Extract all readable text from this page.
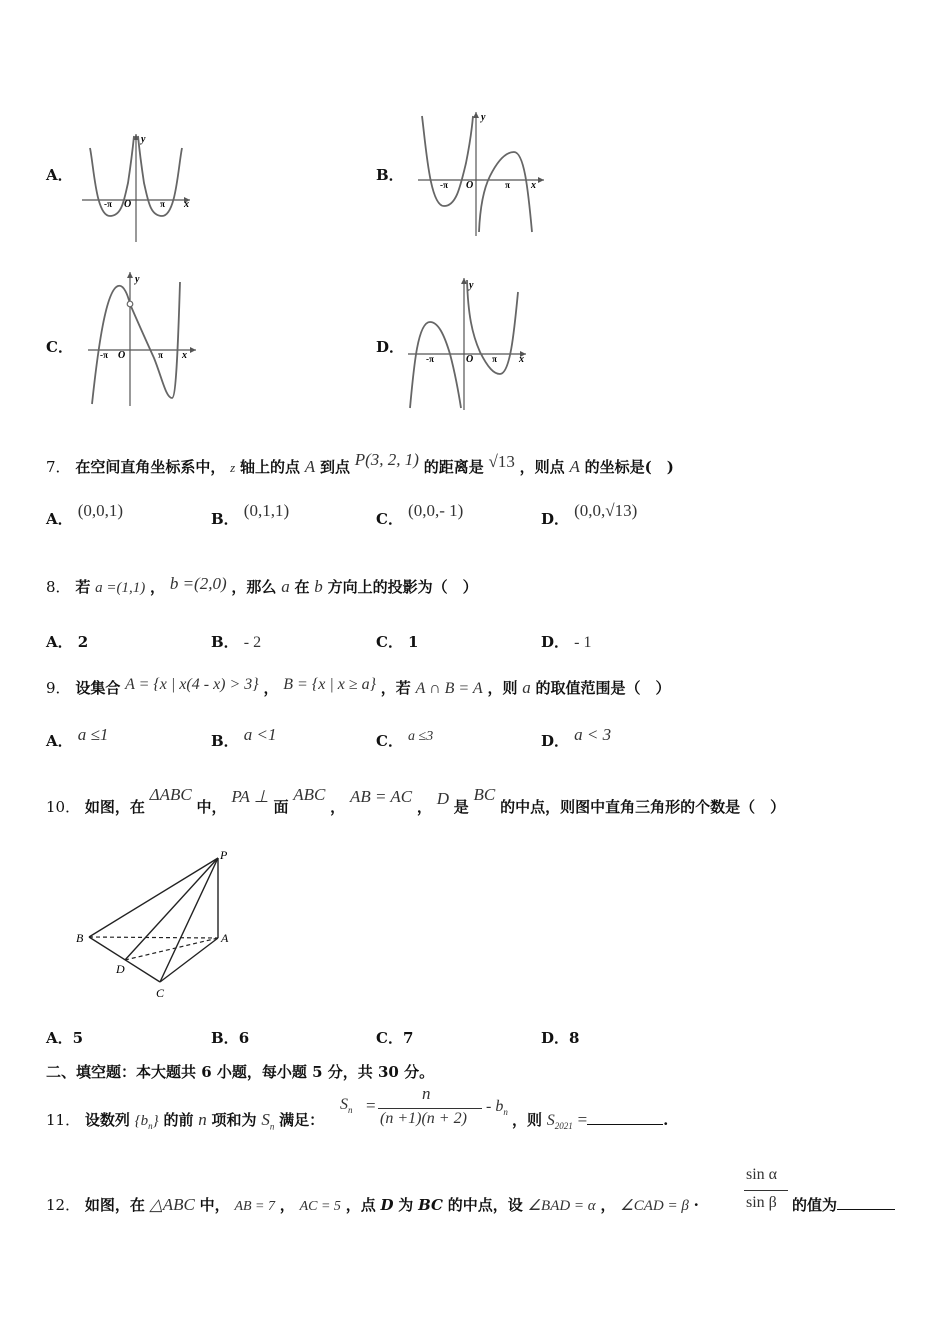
A．
y
O	x
-π	π
B．
y
O	x
-π	π
C．
y
O	x
-π	π	D．
y
O	x
-π	π
7． 在空间直角坐标系中， z 轴上的点 A 到点 P(3, 2, 1) 的距离是 √13 ，则点 A 的坐标是(　)
A． (0,0,1)	B． (0,1,1)	C． (0,0,- 1)	D． (0,0,√13)
8． 若 a =(1,1) ， b =(2,0) ，那么 a 在 b 方向上的投影为（　）
A． 2	B． - 2	C． 1	D． - 1
9． 设集合 A = {x | x(4 - x) > 3} ， B = {x | x ≥ a} ，若 A ∩ B = A ，则 a 的取值范围是（　）
A． a ≤1	B． a <1	C． a ≤3	D． a < 3
10． 如图，在 ΔABC 中， PA ⊥ 面 ABC ， AB = AC ， D 是 BC 的中点，则图中直角三角形的个数是（　）
P
B	A
D
C
A．5	B．6	C．7	D．8
二、填空题：本大题共 6 小题，每小题 5 分，共 30 分。
11． 设数列 $\{b_n\}$ 的前 n 项和为 $S_n$ 满足：
$S_n$ =
n
(n +1)(n + 2)
- $b_n$ ，则 $S_{2021}$ =	.
12． 如图，在 △ABC 中， AB = 7 ， AC = 5 ，点 D 为 BC 的中点，设 ∠BAD = α ， ∠CAD = β ·
sin α
sin β 的值为
